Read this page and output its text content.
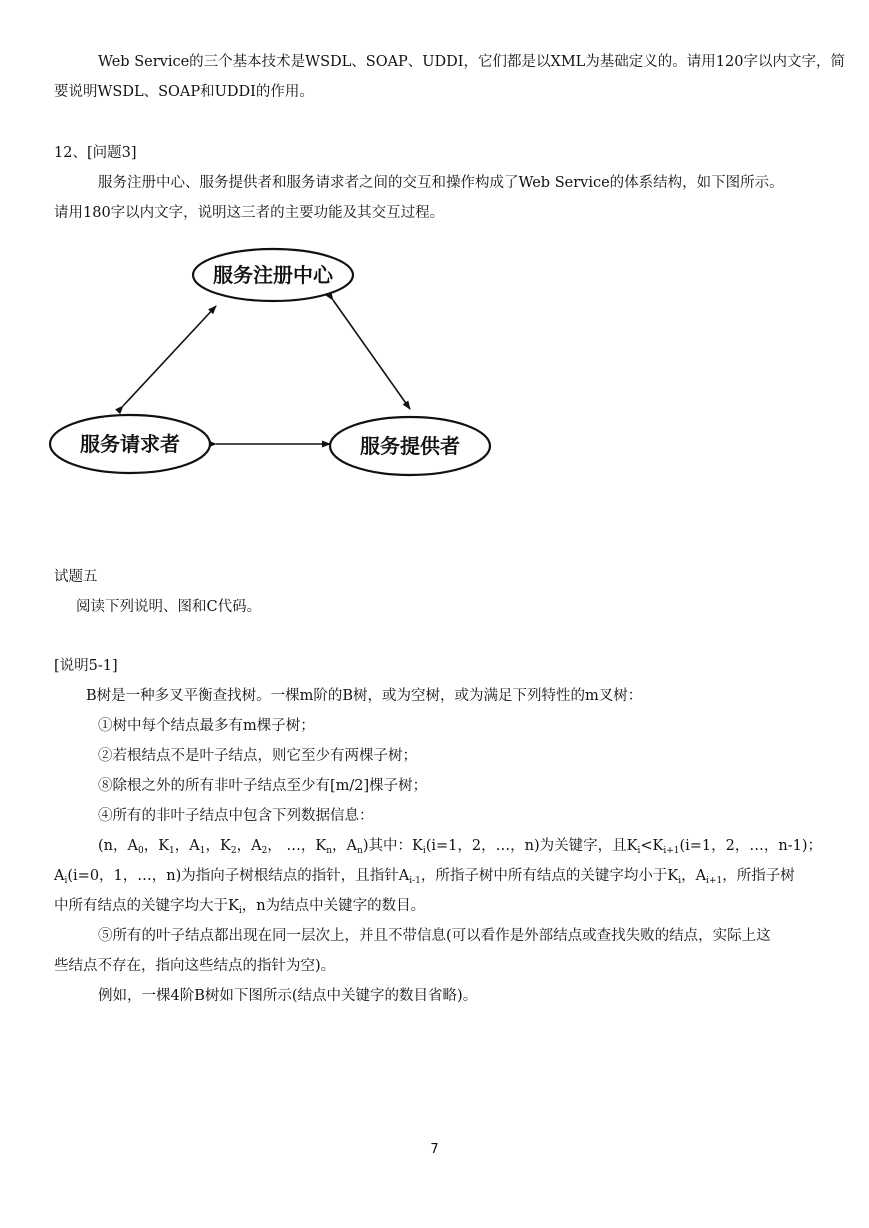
Web Service的三个基本技术是WSDL、SOAP、UDDI，它们都是以XML为基础定义的。请用120字以内文字，简
要说明WSDL、SOAP和UDDI的作用。
12、[问题3]
服务注册中心、服务提供者和服务请求者之间的交互和操作构成了Web Service的体系结构，如下图所示。
请用180字以内文字，说明这三者的主要功能及其交互过程。
服务注册中心
服务请求者	服务提供者
试题五
阅读下列说明、图和C代码。
[说明5-1]
B树是一种多叉平衡查找树。一棵m阶的B树，或为空树，或为满足下列特性的m叉树：
①树中每个结点最多有m棵子树；
②若根结点不是叶子结点，则它至少有两棵子树；
⑧除根之外的所有非叶子结点至少有[m/2]棵子树；
④所有的非叶子结点中包含下列数据信息：
(n，$A_0$，$K_1$，$A_1$，$K_2$，$A_2$， …，$K_n$，$A_n$)其中：$K_i(i=1$，2，…，n)为关键字，且$K_i<K_{i+1}(i=1$，2，…，n-1)；
$A_i(i=0$，1，…，n)为指向子树根结点的指针，且指针$A_{i-1}$，所指子树中所有结点的关键字均小于$K_i$，$A_{i+1}$，所指子树
中所有结点的关键字均大于$K_i$，n为结点中关键字的数目。
⑤所有的叶子结点都出现在同一层次上，并且不带信息(可以看作是外部结点或查找失败的结点，实际上这
些结点不存在，指向这些结点的指针为空)。
例如，一棵4阶B树如下图所示(结点中关键字的数目省略)。
7
